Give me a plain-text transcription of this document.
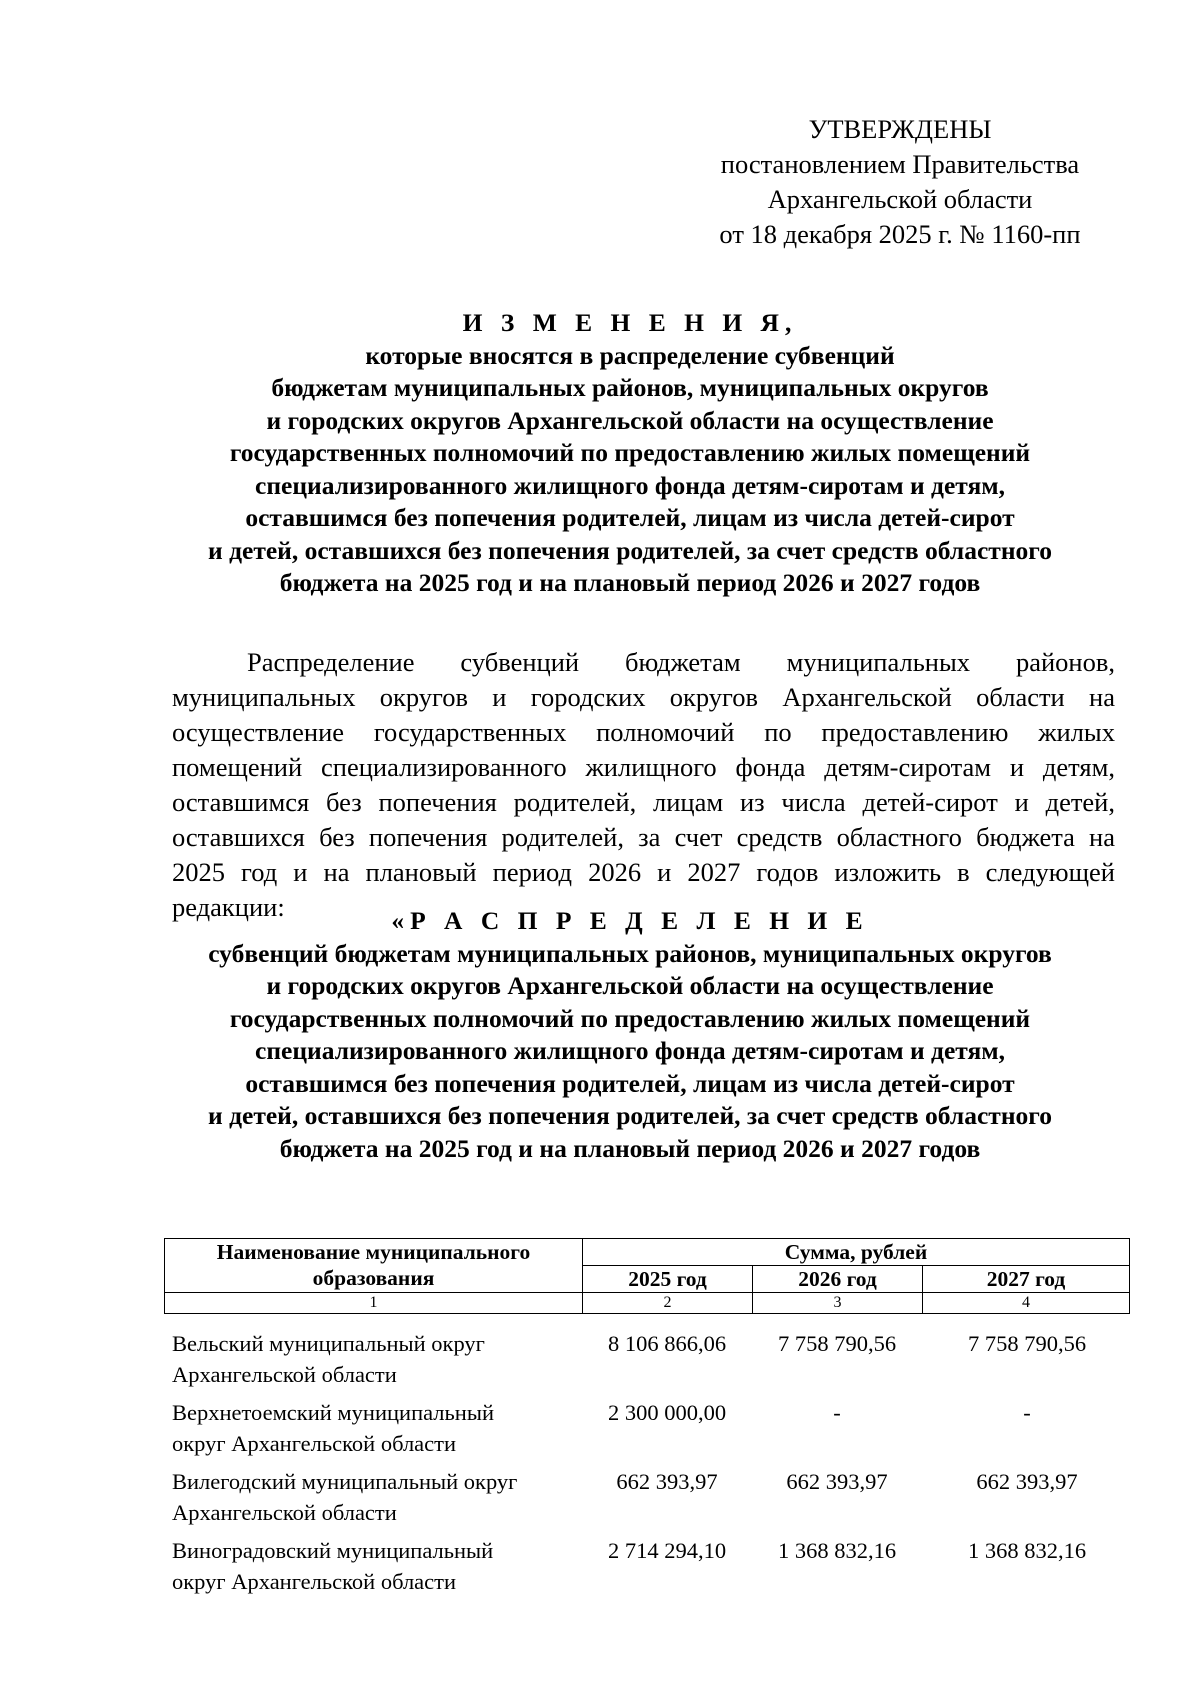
УТВЕРЖДЕНЫ
постановлением Правительства
Архангельской области
от 18 декабря 2025 г. № 1160-пп
И З М Е Н Е Н И Я,
которые вносятся в распределение субвенций
бюджетам муниципальных районов, муниципальных округов
и городских округов Архангельской области на осуществление
государственных полномочий по предоставлению жилых помещений
специализированного жилищного фонда детям-сиротам и детям,
оставшимся без попечения родителей, лицам из числа детей-сирот
и детей, оставшихся без попечения родителей, за счет средств областного
бюджета на 2025 год и на плановый период 2026 и 2027 годов
Распределение субвенций бюджетам муниципальных районов,
муниципальных округов и городских округов Архангельской области на
осуществление государственных полномочий по предоставлению жилых
помещений специализированного жилищного фонда детям-сиротам и детям,
оставшимся без попечения родителей, лицам из числа детей-сирот и детей,
оставшихся без попечения родителей, за счет средств областного бюджета на
2025 год и на плановый период 2026 и 2027 годов изложить в следующей
редакции:	«Р А С П Р Е Д Е Л Е Н И Е
субвенций бюджетам муниципальных районов, муниципальных округов
и городских округов Архангельской области на осуществление
государственных полномочий по предоставлению жилых помещений
специализированного жилищного фонда детям-сиротам и детям,
оставшимся без попечения родителей, лицам из числа детей-сирот
и детей, оставшихся без попечения родителей, за счет средств областного
бюджета на 2025 год и на плановый период 2026 и 2027 годов
Наименование муниципального образования	Сумма, рублей		
	2025 год	2026 год	2027 год
1	2	3	4
Вельский муниципальный округ
Архангельской области
8 106 866,06	7 758 790,56	7 758 790,56
Верхнетоемский муниципальный
округ Архангельской области
2 300 000,00	-	-
Вилегодский муниципальный округ
Архангельской области
662 393,97	662 393,97	662 393,97
Виноградовский муниципальный
округ Архангельской области
2 714 294,10	1 368 832,16	1 368 832,16
